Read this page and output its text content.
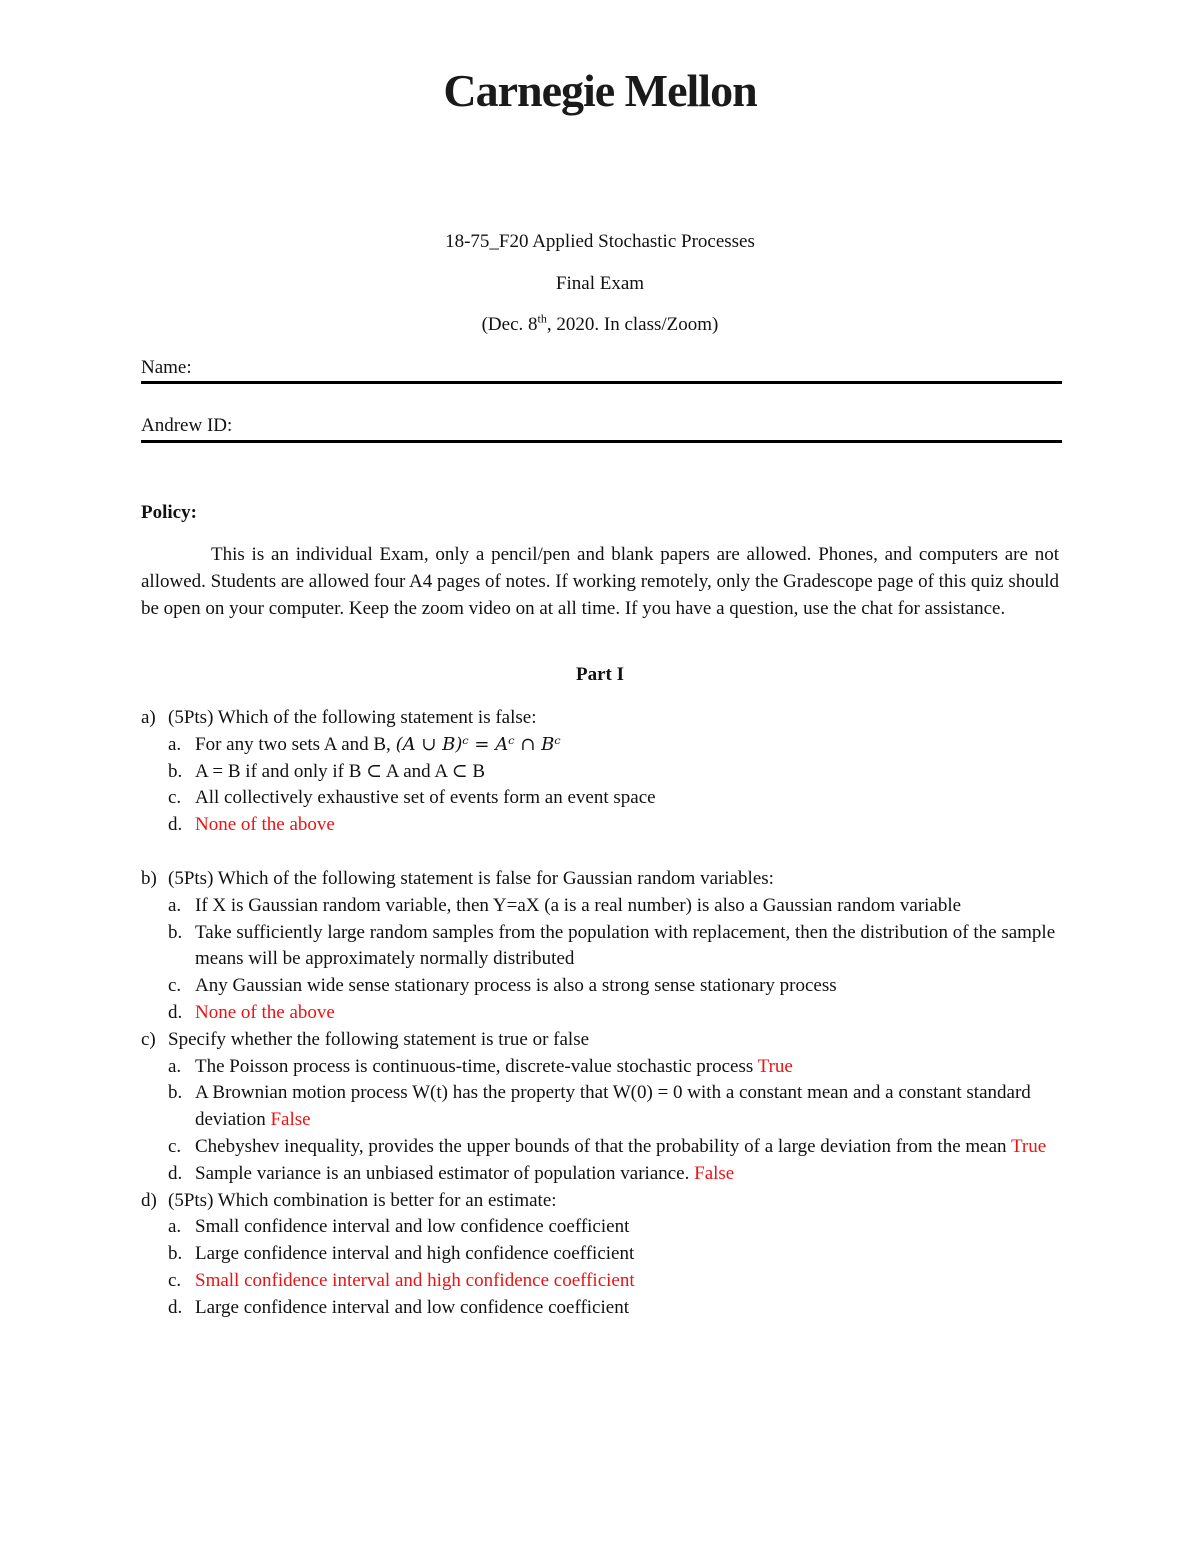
Carnegie Mellon
18-75_F20 Applied Stochastic Processes
Final Exam
(Dec. 8th, 2020. In class/Zoom)
Name:
Andrew ID:
Policy:

This is an individual Exam, only a pencil/pen and blank papers are allowed. Phones, and computers are not allowed. Students are allowed four A4 pages of notes. If working remotely, only the Gradescope page of this quiz should be open on your computer. Keep the zoom video on at all time. If you have a question, use the chat for assistance.

Part I
a) (5Pts) Which of the following statement is false:
a. For any two sets A and B, (A ∪ B)ᶜ = Aᶜ ∩ Bᶜ
b. A = B if and only if B ⊂ A and A ⊂ B
c. All collectively exhaustive set of events form an event space
d. None of the above
b) (5Pts) Which of the following statement is false for Gaussian random variables:
a. If X is Gaussian random variable, then Y=aX (a is a real number) is also a Gaussian random variable
b. Take sufficiently large random samples from the population with replacement, then the distribution of the sample means will be approximately normally distributed
c. Any Gaussian wide sense stationary process is also a strong sense stationary process
d. None of the above
c) Specify whether the following statement is true or false
a. The Poisson process is continuous-time, discrete-value stochastic process True
b. A Brownian motion process W(t) has the property that W(0) = 0 with a constant mean and a constant standard deviation False
c. Chebyshev inequality, provides the upper bounds of that the probability of a large deviation from the mean True
d. Sample variance is an unbiased estimator of population variance. False
d) (5Pts) Which combination is better for an estimate:
a. Small confidence interval and low confidence coefficient
b. Large confidence interval and high confidence coefficient
c. Small confidence interval and high confidence coefficient
d. Large confidence interval and low confidence coefficient
